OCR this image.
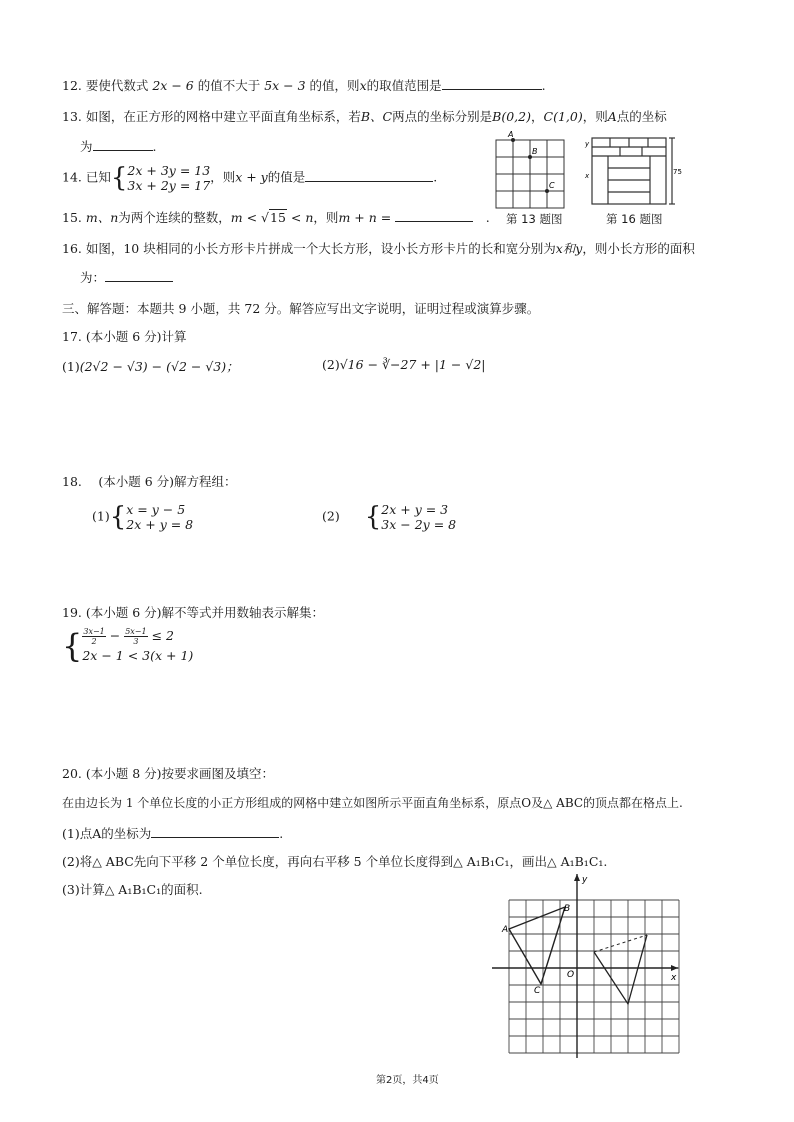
12. 要使代数式 2x − 6 的值不大于 5x − 3 的值，则x的取值范围是	.
13. 如图，在正方形的网格中建立平面直角坐标系，若B、C两点的坐标分别是B(0,2)，C(1,0)，则A点的坐标
为	.
14. 已知{ 2x + 3y = 13
3x + 2y = 17
，则x + y的值是	.
15. m、n为两个连续的整数，m < √15 < n，则m + n = 　	.
A
B
C
第 13 题图
y
x	75
第 16 题图
16. 如图，10 块相同的小长方形卡片拼成一个大长方形，设小长方形卡片的长和宽分别为x和y，则小长方形的面积
为：
三、解答题：本题共 9 小题，共 72 分。解答应写出文字说明，证明过程或演算步骤。
17. (本小题 6 分)计算
(1)(2√2 − √3) − (√2 − √3)；	(2)√16 − ∛−27 + |1 − √2|
18.　 (本小题 6 分)解方程组：
(1){ x = y − 5
2x + y = 8
(2)　　 { 2x + y = 3
3x − 2y = 8
19. (本小题 6 分)解不等式并用数轴表示解集：
{ $\frac{3x-1}{2} - \frac{5x-1}{3} \le 2$
2x − 1 < 3(x + 1)
20. (本小题 8 分)按要求画图及填空：
在由边长为 1 个单位长度的小正方形组成的网格中建立如图所示平面直角坐标系，原点O及△ ABC的顶点都在格点上.
(1)点A的坐标为	.
(2)将△ ABC先向下平移 2 个单位长度，再向右平移 5 个单位长度得到△ A₁B₁C₁，画出△ A₁B₁C₁.
(3)计算△ A₁B₁C₁的面积.
A
B
C
O	x
y
第2页，共4页
